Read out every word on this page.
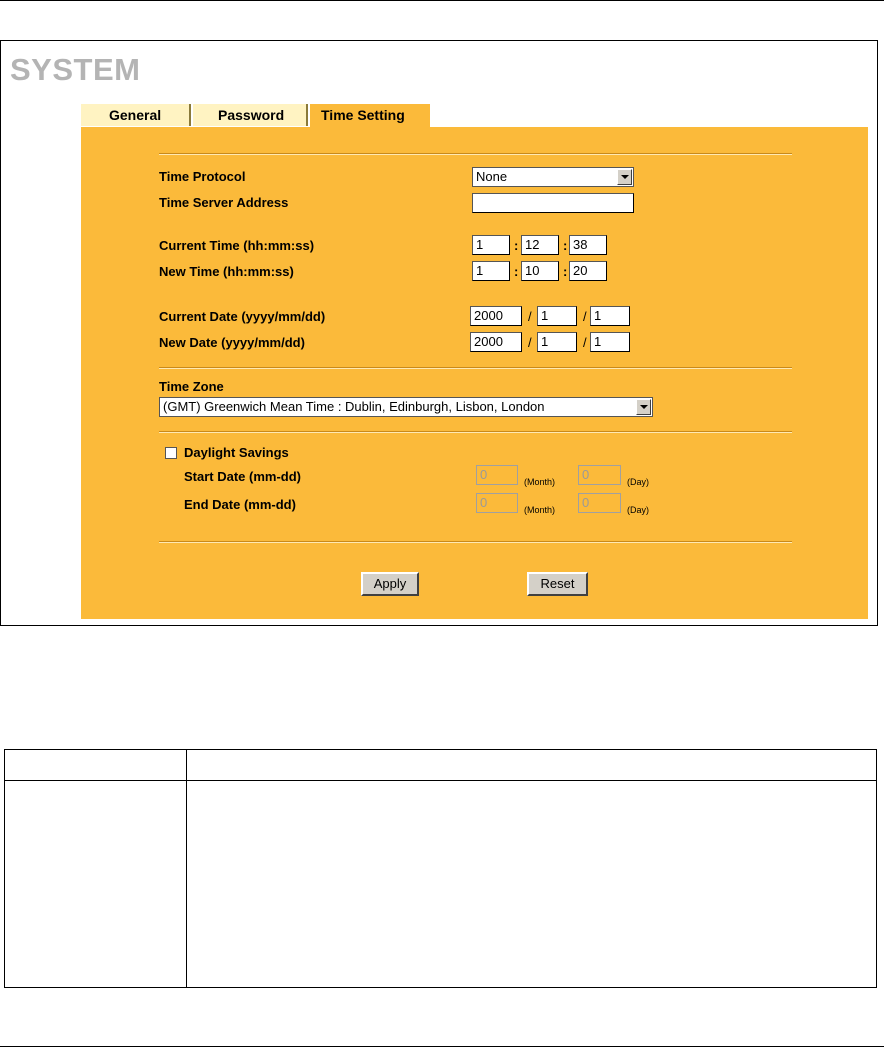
SYSTEM
General	Password	Time Setting
Time Protocol	None
Time Server Address
Current Time (hh:mm:ss)	1	: 12	: 38
New Time (hh:mm:ss)	1	: 10	: 20
Current Date (yyyy/mm/dd)	2000	/ 1	/ 1
New Date (yyyy/mm/dd)	2000	/ 1	/ 1
Time Zone
(GMT) Greenwich Mean Time : Dublin, Edinburgh, Lisbon, London
Daylight Savings
Start Date (mm-dd)	0	(Month)	0	(Day)
End Date (mm-dd)	0	(Month)	0	(Day)
Apply	Reset
